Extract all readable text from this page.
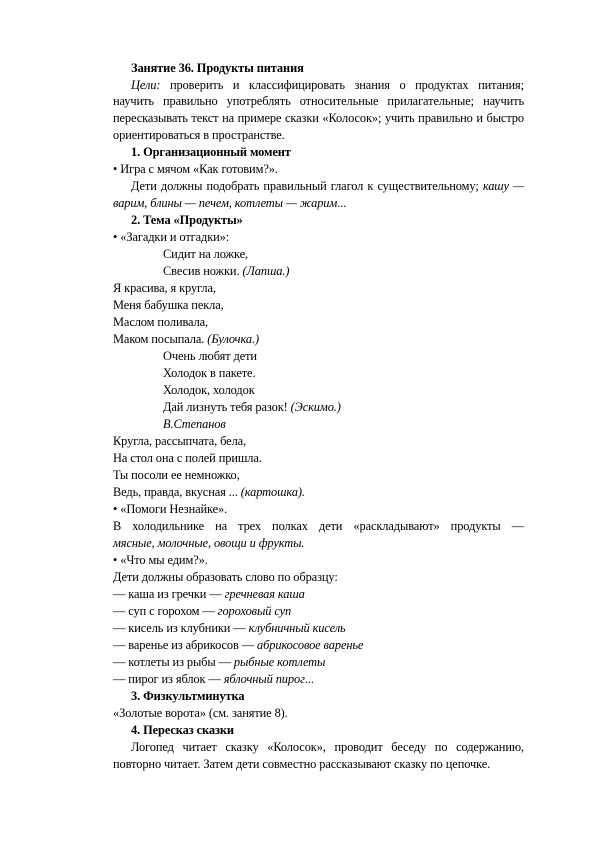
Занятие 36. Продукты питания
Цели: проверить и классифицировать знания о продуктах питания;
научить правильно употреблять относительные прилагательные; научить
пересказывать текст на примере сказки «Колосок»; учить правильно и быстро
ориентироваться в пространстве.
1. Организационный момент
• Игра с мячом «Как готовим?».
Дети должны подобрать правильный глагол к существительному; кашу —
варим, блины — печем, котлеты — жарим...
2. Тема «Продукты»
• «Загадки и отгадки»:
Сидит на ложке,
Свесив ножки. (Лапша.)
Я красива, я кругла,
Меня бабушка пекла,
Маслом поливала,
Маком посыпала. (Булочка.)
Очень любят дети
Холодок в пакете.
Холодок, холодок
Дай лизнуть тебя разок! (Эскимо.)
В.Степанов
Кругла, рассыпчата, бела,
На стол она с полей пришла.
Ты посоли ее немножко,
Ведь, правда, вкусная ... (картошка).
• «Помоги Незнайке».
В холодильнике на трех полках дети «раскладывают» продукты —
мясные, молочные, овощи и фрукты.
• «Что мы едим?».
Дети должны образовать слово по образцу:
— каша из гречки — гречневая каша
— суп с горохом — гороховый суп
— кисель из клубники — клубничный кисель
— варенье из абрикосов — абрикосовое варенье
— котлеты из рыбы — рыбные котлеты
— пирог из яблок — яблочный пирог...
3. Физкультминутка
«Золотые ворота» (см. занятие 8).
4. Пересказ сказки
Логопед читает сказку «Колосок», проводит беседу по содержанию,
повторно читает. Затем дети совместно рассказывают сказку по цепочке.
